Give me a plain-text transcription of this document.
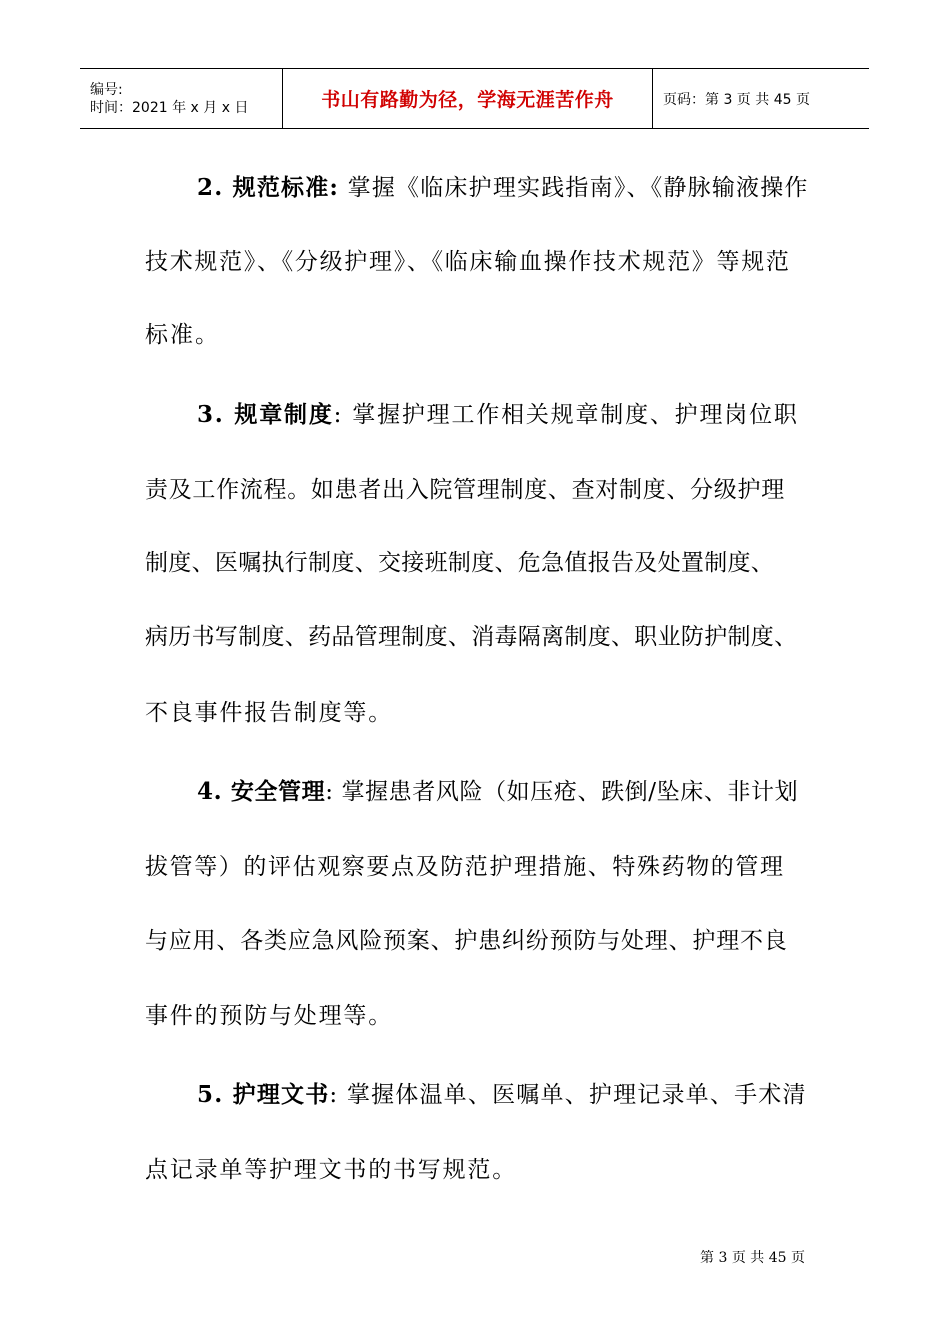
编号:
时间：2021 年 x 月 x 日	书山有路勤为径，学海无涯苦作舟	页码：第 3 页 共 45 页
2. 规范标准: 掌握《临床护理实践指南》、《静脉输液操作
技术规范》、《分级护理》、《临床输血操作技术规范》等规范
标准。
3. 规章制度: 掌握护理工作相关规章制度、护理岗位职
责及工作流程。如患者出入院管理制度、查对制度、分级护理
制度、医嘱执行制度、交接班制度、危急值报告及处置制度、
病历书写制度、药品管理制度、消毒隔离制度、职业防护制度、
不良事件报告制度等。
4. 安全管理: 掌握患者风险（如压疮、跌倒/坠床、非计划
拔管等）的评估观察要点及防范护理措施、特殊药物的管理
与应用、各类应急风险预案、护患纠纷预防与处理、护理不良
事件的预防与处理等。
5. 护理文书: 掌握体温单、医嘱单、护理记录单、手术清
点记录单等护理文书的书写规范。
第 3 页 共 45 页
